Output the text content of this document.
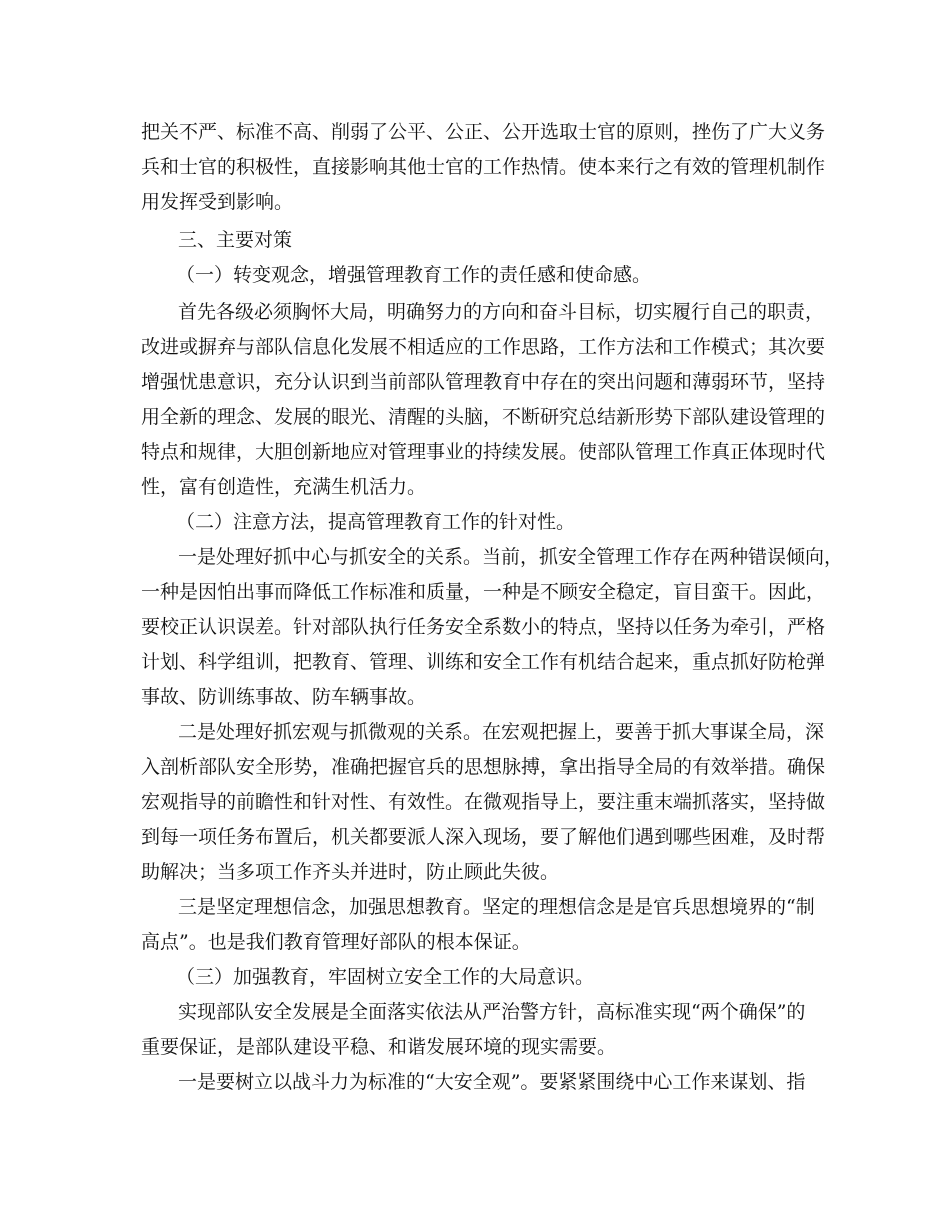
把关不严、标准不高、削弱了公平、公正、公开选取士官的原则，挫伤了广大义务
兵和士官的积极性，直接影响其他士官的工作热情。使本来行之有效的管理机制作
用发挥受到影响。
三、主要对策
（一）转变观念，增强管理教育工作的责任感和使命感。
首先各级必须胸怀大局，明确努力的方向和奋斗目标，切实履行自己的职责，
改进或摒弃与部队信息化发展不相适应的工作思路，工作方法和工作模式；其次要
增强忧患意识，充分认识到当前部队管理教育中存在的突出问题和薄弱环节，坚持
用全新的理念、发展的眼光、清醒的头脑，不断研究总结新形势下部队建设管理的
特点和规律，大胆创新地应对管理事业的持续发展。使部队管理工作真正体现时代
性，富有创造性，充满生机活力。
（二）注意方法，提高管理教育工作的针对性。
一是处理好抓中心与抓安全的关系。当前，抓安全管理工作存在两种错误倾向，
一种是因怕出事而降低工作标准和质量，一种是不顾安全稳定，盲目蛮干。因此，
要校正认识误差。针对部队执行任务安全系数小的特点，坚持以任务为牵引，严格
计划、科学组训，把教育、管理、训练和安全工作有机结合起来，重点抓好防枪弹
事故、防训练事故、防车辆事故。
二是处理好抓宏观与抓微观的关系。在宏观把握上，要善于抓大事谋全局，深
入剖析部队安全形势，准确把握官兵的思想脉搏，拿出指导全局的有效举措。确保
宏观指导的前瞻性和针对性、有效性。在微观指导上，要注重末端抓落实，坚持做
到每一项任务布置后，机关都要派人深入现场，要了解他们遇到哪些困难，及时帮
助解决；当多项工作齐头并进时，防止顾此失彼。
三是坚定理想信念，加强思想教育。坚定的理想信念是是官兵思想境界的“制
高点”。也是我们教育管理好部队的根本保证。
（三）加强教育，牢固树立安全工作的大局意识。
实现部队安全发展是全面落实依法从严治警方针，高标准实现“两个确保”的
重要保证，是部队建设平稳、和谐发展环境的现实需要。
一是要树立以战斗力为标准的“大安全观”。要紧紧围绕中心工作来谋划、指
